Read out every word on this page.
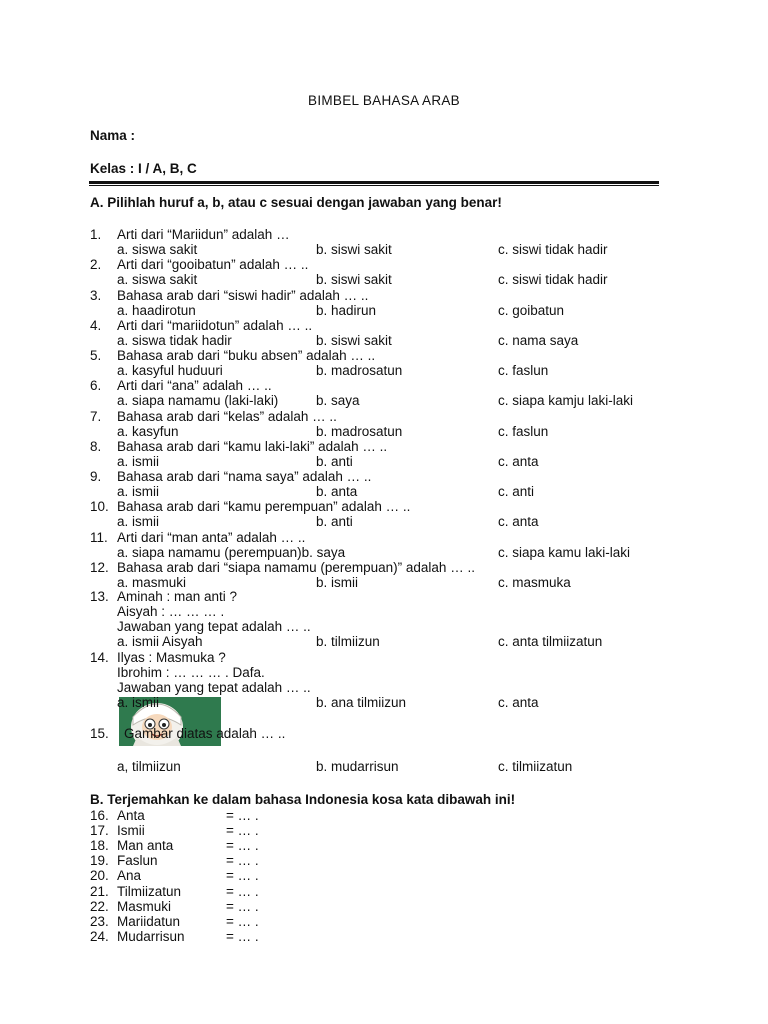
BIMBEL BAHASA ARAB
Nama :
Kelas : I / A, B, C
A. Pilihlah huruf a, b, atau c sesuai dengan jawaban yang benar!
1. Arti dari “Mariidun” adalah …
a. siswa sakit	b. siswi sakit	c. siswi tidak hadir
2. Arti dari “gooibatun” adalah … ..
a. siswa sakit	b. siswi sakit	c. siswi tidak hadir
3. Bahasa arab dari “siswi hadir” adalah … ..
a. haadirotun	b. hadirun	c. goibatun
4. Arti dari “mariidotun” adalah … ..
a. siswa tidak hadir	b. siswi sakit	c. nama saya
5. Bahasa arab dari “buku absen” adalah … ..
a. kasyful huduuri	b. madrosatun	c. faslun
6. Arti dari “ana” adalah … ..
a. siapa namamu (laki-laki)	b. saya	c. siapa kamju laki-laki
7. Bahasa arab dari “kelas” adalah … ..
a. kasyfun	b. madrosatun	c. faslun
8. Bahasa arab dari “kamu laki-laki” adalah … ..
a. ismii	b. anti	c. anta
9. Bahasa arab dari “nama saya” adalah … ..
a. ismii	b. anta	c. anti
10. Bahasa arab dari “kamu perempuan” adalah … ..
a. ismii	b. anti	c. anta
11. Arti dari “man anta” adalah … ..
a. siapa namamu (perempuan)b. saya	c. siapa kamu laki-laki
12. Bahasa arab dari “siapa namamu (perempuan)” adalah … ..
a. masmuki	b. ismii	c. masmuka
13. Aminah : man anti ?
Aisyah : … … … .
Jawaban yang tepat adalah … ..
a. ismii Aisyah	b. tilmiizun	c. anta tilmiizatun
14. Ilyas : Masmuka ?
Ibrohim : … … … . Dafa.
Jawaban yang tepat adalah … ..
a. ismii	b. ana tilmiizun	c. anta
15. Gambar diatas adalah … ..
a, tilmiizun	b. mudarrisun	c. tilmiizatun
B. Terjemahkan ke dalam bahasa Indonesia kosa kata dibawah ini!
16. Anta	= … .
17. Ismii	= … .
18. Man anta	= … .
19. Faslun	= … .
20. Ana	= … .
21. Tilmiizatun	= … .
22. Masmuki	= … .
23. Mariidatun	= … .
24. Mudarrisun	= … .
